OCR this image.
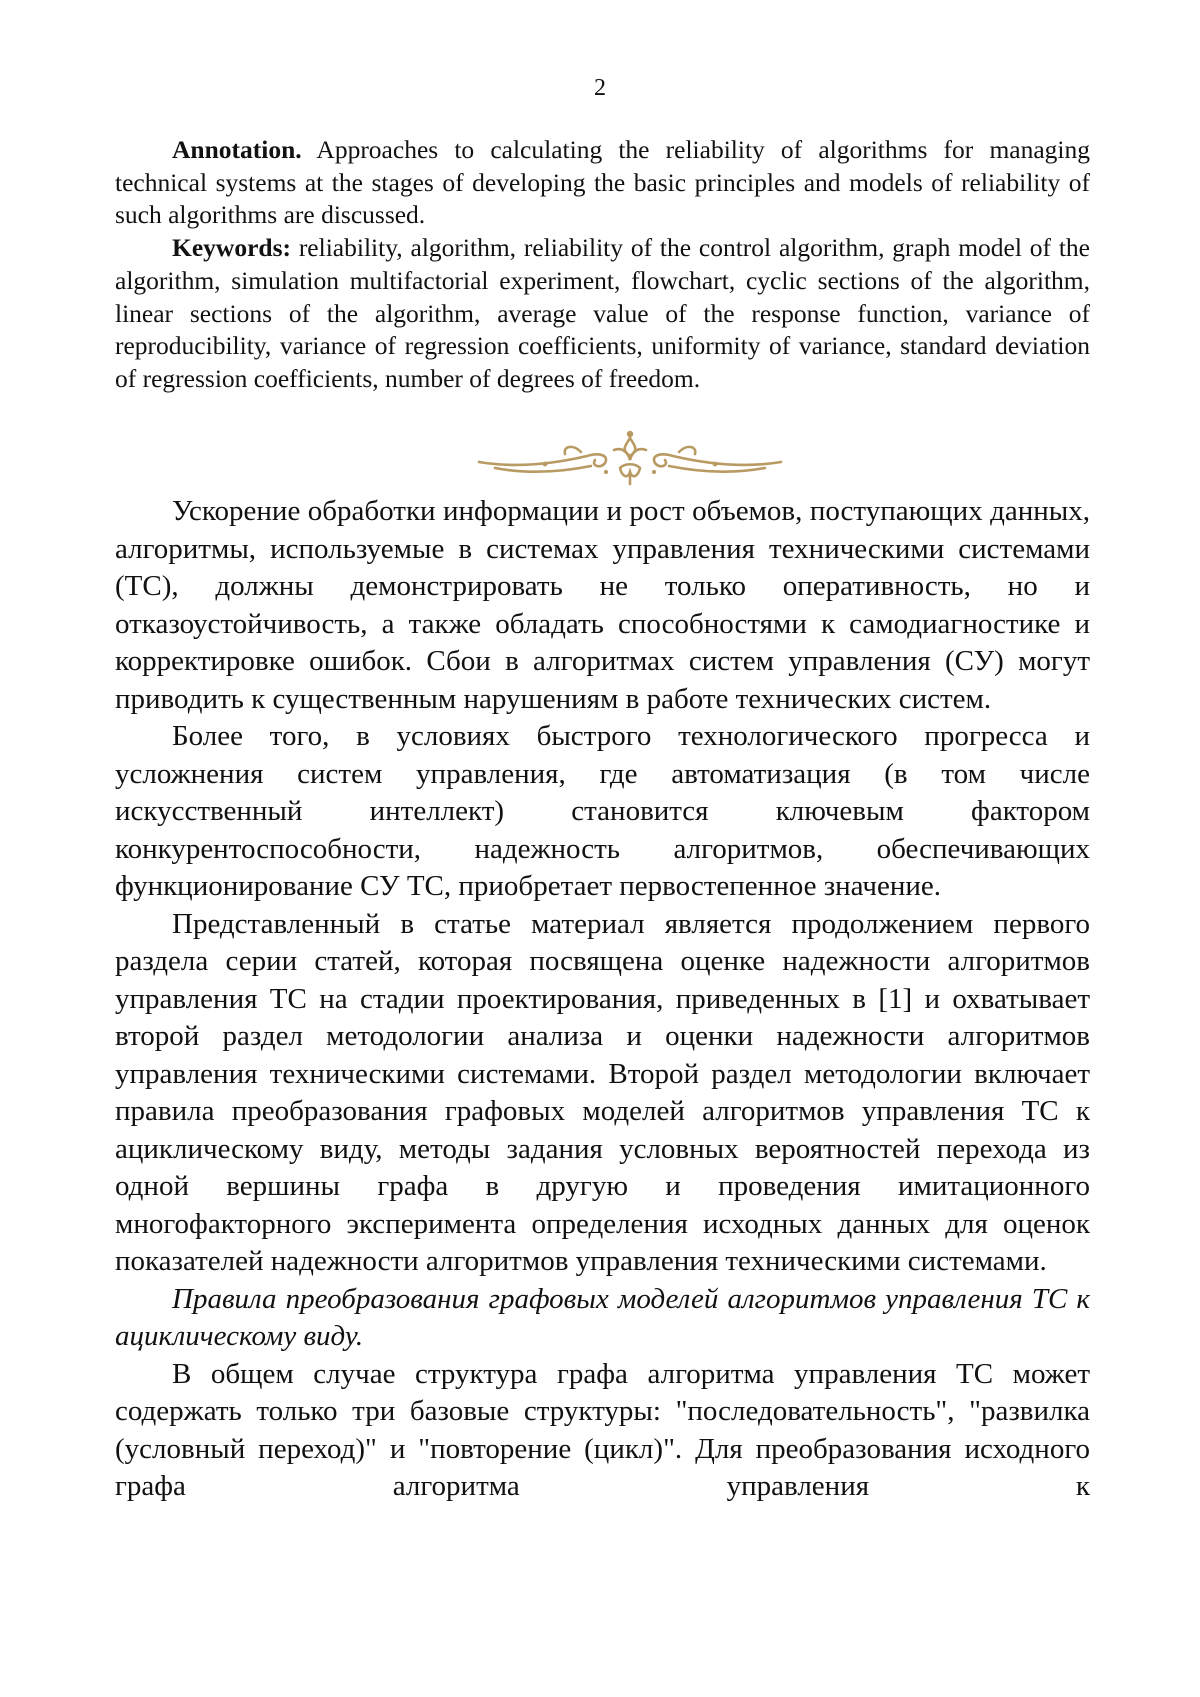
2

Annotation. Approaches to calculating the reliability of algorithms for managing technical systems at the stages of developing the basic principles and models of reliability of such algorithms are discussed.

Keywords: reliability, algorithm, reliability of the control algorithm, graph model of the algorithm, simulation multifactorial experiment, flowchart, cyclic sections of the algorithm, linear sections of the algorithm, average value of the response function, variance of reproducibility, variance of regression coefficients, uniformity of variance, standard deviation of regression coefficients, number of degrees of freedom.

Ускорение обработки информации и рост объемов, поступающих данных, алгоритмы, используемые в системах управления техническими системами (ТС), должны демонстрировать не только оперативность, но и отказоустойчивость, а также обладать способностями к самодиагностике и корректировке ошибок. Сбои в алгоритмах систем управления (СУ) могут приводить к существенным нарушениям в работе технических систем.

Более того, в условиях быстрого технологического прогресса и усложнения систем управления, где автоматизация (в том числе искусственный интеллект) становится ключевым фактором конкурентоспособности, надежность алгоритмов, обеспечивающих функционирование СУ ТС, приобретает первостепенное значение.

Представленный в статье материал является продолжением первого раздела серии статей, которая посвящена оценке надежности алгоритмов управления ТС на стадии проектирования, приведенных в [1] и охватывает второй раздел методологии анализа и оценки надежности алгоритмов управления техническими системами. Второй раздел методологии включает правила преобразования графовых моделей алгоритмов управления ТС к ациклическому виду, методы задания условных вероятностей перехода из одной вершины графа в другую и проведения имитационного многофакторного эксперимента определения исходных данных для оценок показателей надежности алгоритмов управления техническими системами.

Правила преобразования графовых моделей алгоритмов управления ТС к ациклическому виду.

В общем случае структура графа алгоритма управления ТС может содержать только три базовые структуры: "последовательность", "развилка (условный переход)" и "повторение (цикл)". Для преобразования исходного графа алгоритма управления к
